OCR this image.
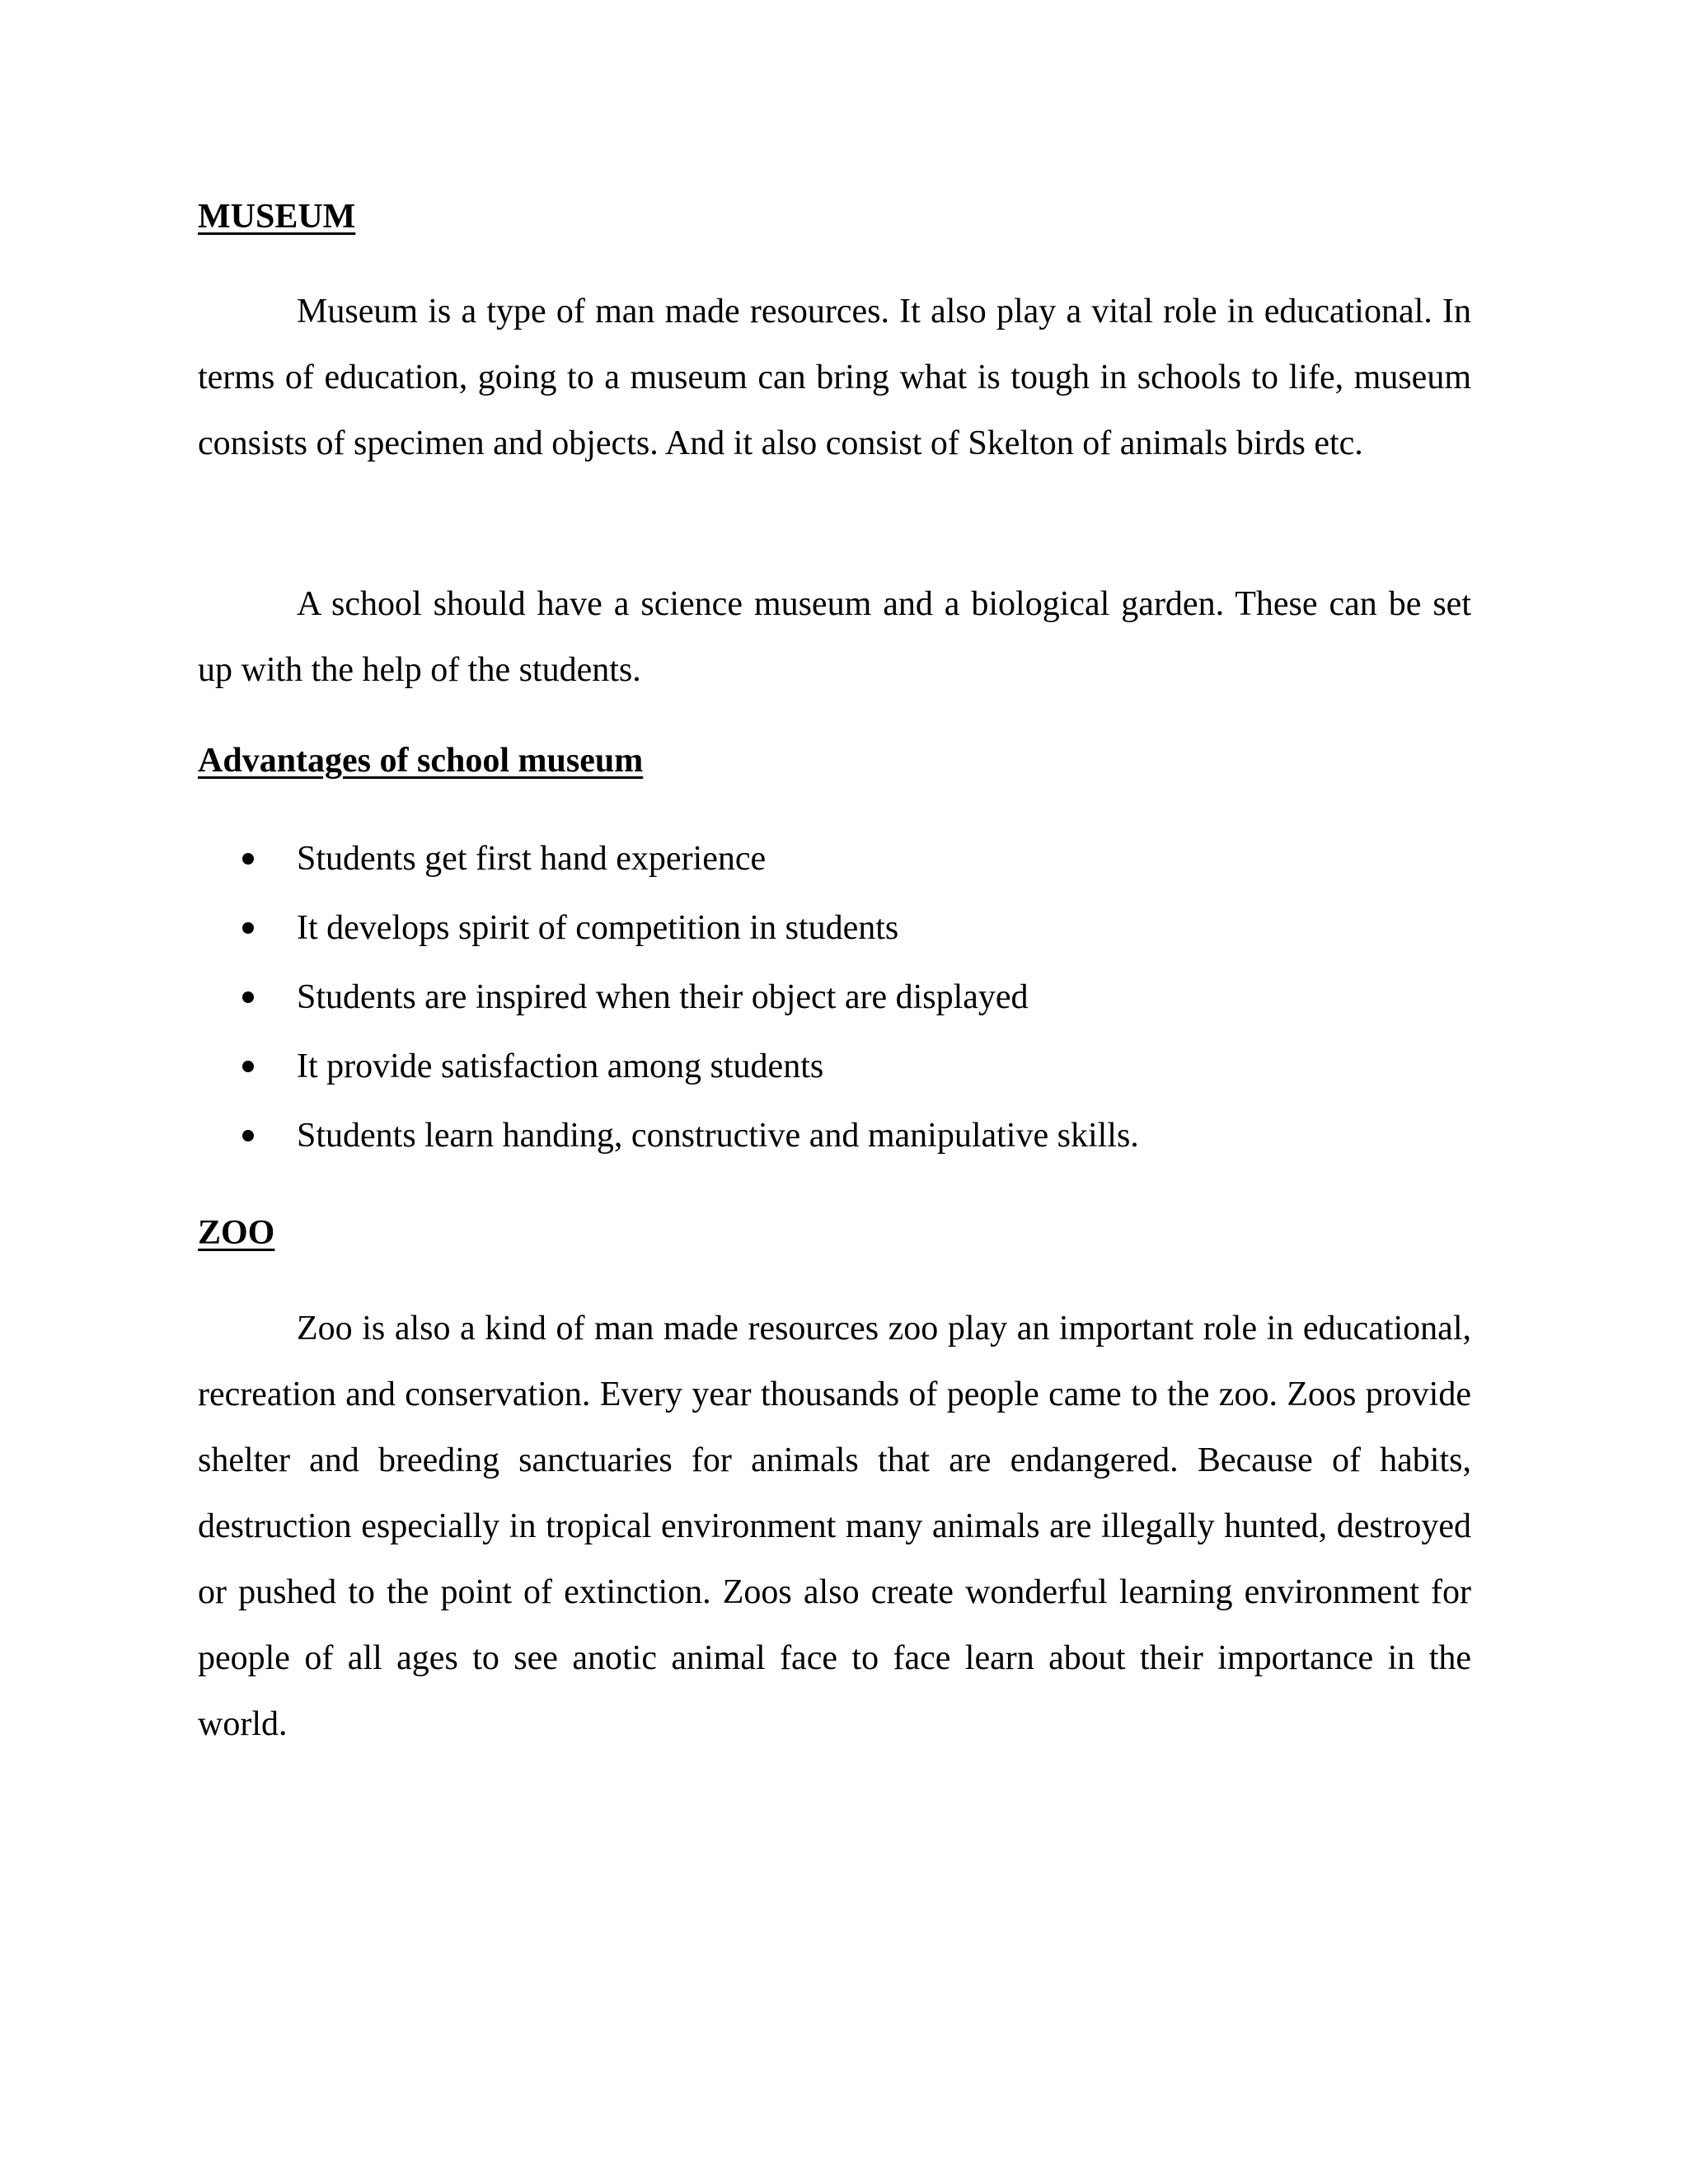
MUSEUM

Museum is a type of man made resources. It also play a vital role in educational. In terms of education, going to a museum can bring what is tough in schools to life, museum consists of specimen and objects. And it also consist of Skelton of animals birds etc.

A school should have a science museum and a biological garden. These can be set up with the help of the students.

Advantages of school museum
Students get first hand experience
It develops spirit of competition in students
Students are inspired when their object are displayed
It provide satisfaction among students
Students learn handing, constructive and manipulative skills.
ZOO

Zoo is also a kind of man made resources zoo play an important role in educational, recreation and conservation. Every year thousands of people came to the zoo. Zoos provide shelter and breeding sanctuaries for animals that are endangered. Because of habits, destruction especially in tropical environment many animals are illegally hunted, destroyed or pushed to the point of extinction. Zoos also create wonderful learning environment for people of all ages to see anotic animal face to face learn about their importance in the world.
